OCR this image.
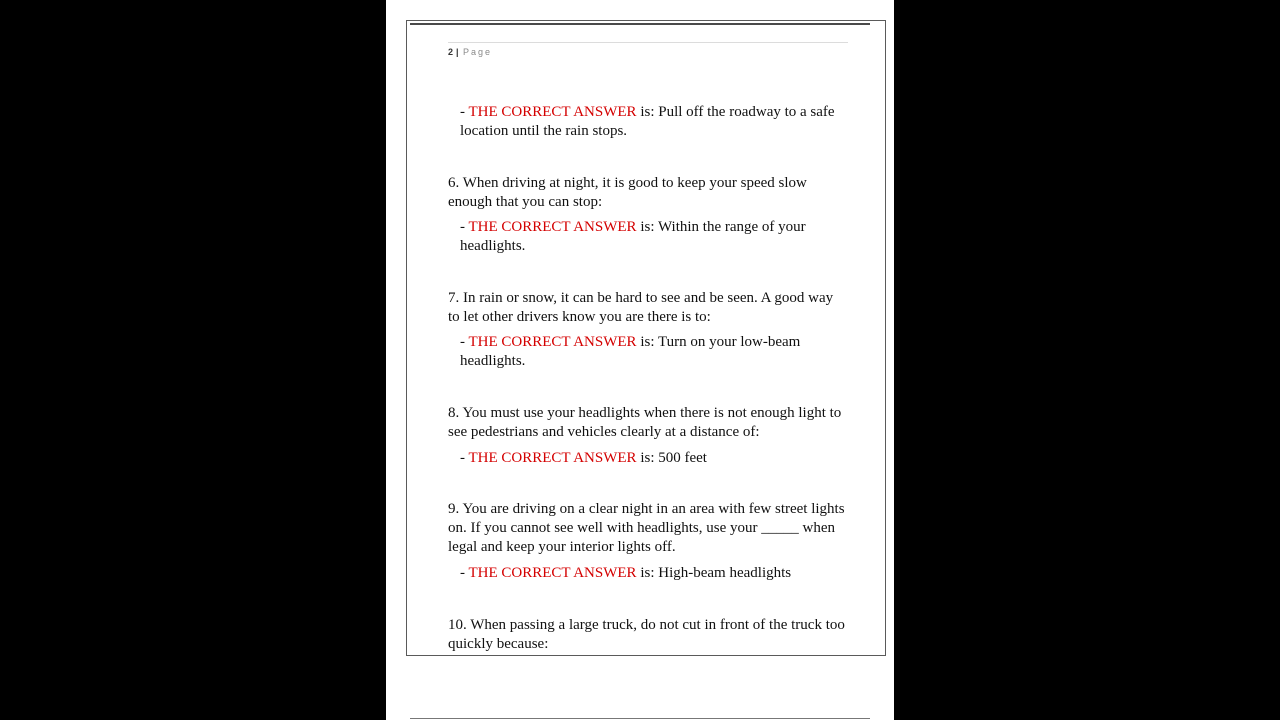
2 | Page

- THE CORRECT ANSWER is: Pull off the roadway to a safe location until the rain stops.

6. When driving at night, it is good to keep your speed slow enough that you can stop:

- THE CORRECT ANSWER is: Within the range of your headlights.

7. In rain or snow, it can be hard to see and be seen. A good way to let other drivers know you are there is to:

- THE CORRECT ANSWER is: Turn on your low-beam headlights.

8. You must use your headlights when there is not enough light to see pedestrians and vehicles clearly at a distance of:

- THE CORRECT ANSWER is: 500 feet

9. You are driving on a clear night in an area with few street lights on. If you cannot see well with headlights, use your _____ when legal and keep your interior lights off.

- THE CORRECT ANSWER is: High-beam headlights

10. When passing a large truck, do not cut in front of the truck too quickly because:
